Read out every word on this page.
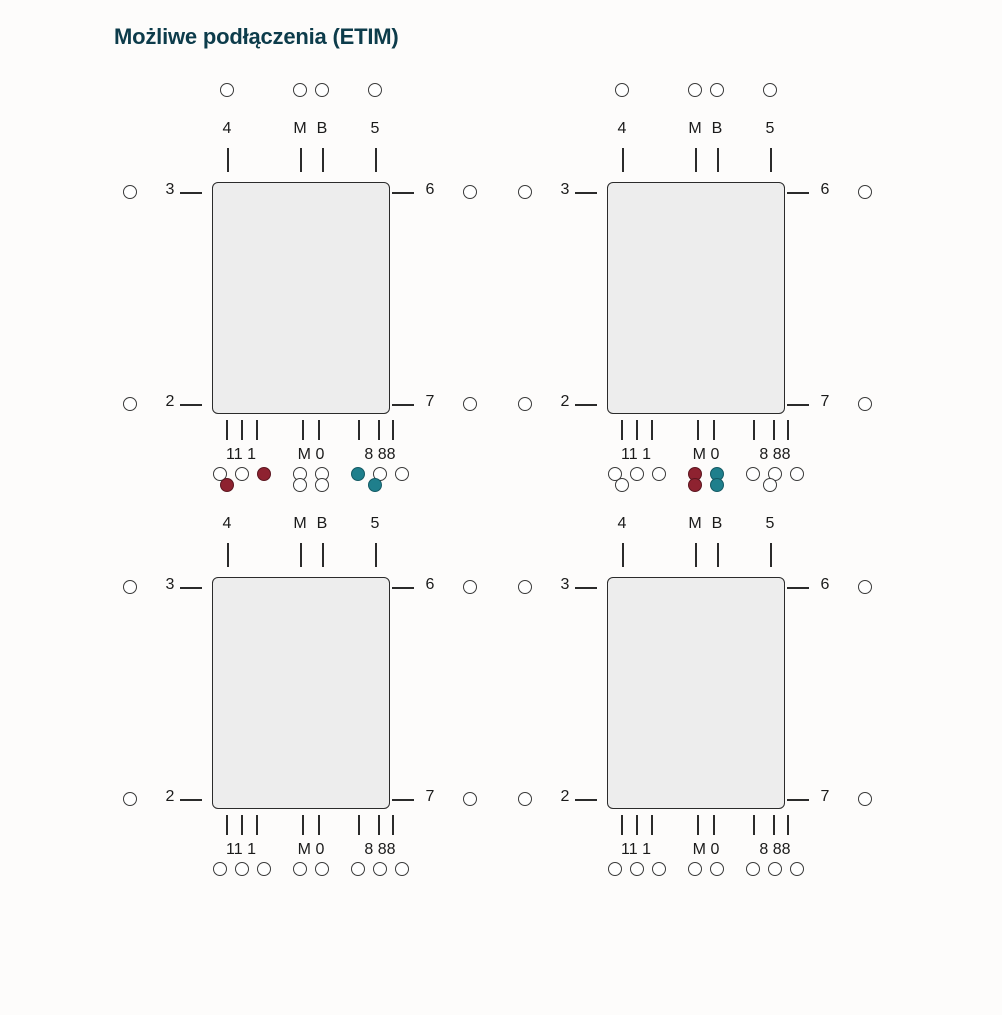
Możliwe podłączenia (ETIM)
4	M B	5
3
2
6
7
11 1	M 0	8 88
4	M B	5
3
2
6
7
11 1	M 0	8 88
4	M B	5
3
2
6
7
11 1	M 0	8 88
4	M B	5
3
2
6
7
11 1	M 0	8 88
